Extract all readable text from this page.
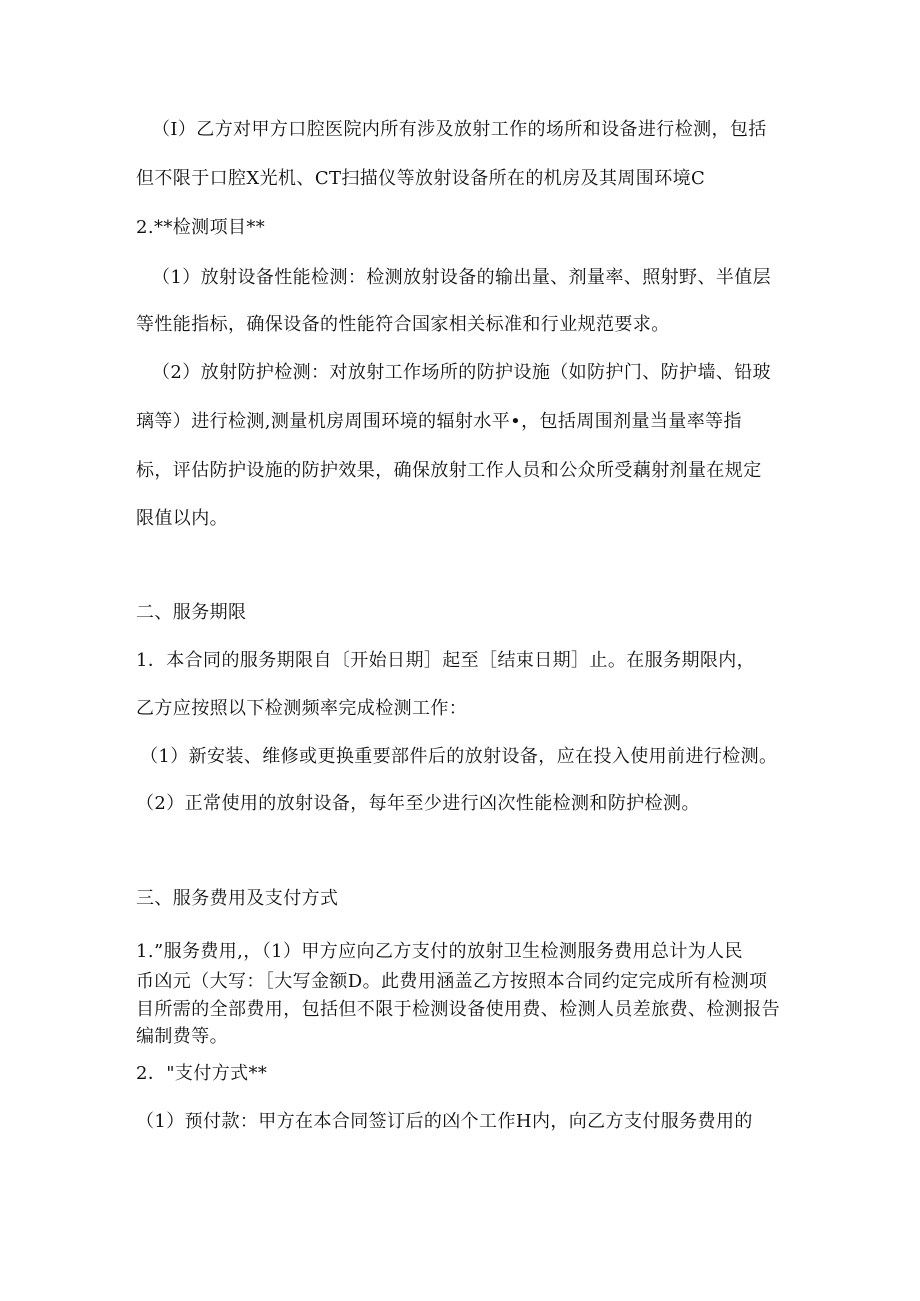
（I）乙方对甲方口腔医院内所有涉及放射工作的场所和设备进行检测，包括

但不限于口腔X光机、CT扫描仪等放射设备所在的机房及其周围环境C

2.**检测项目**

（1）放射设备性能检测：检测放射设备的输出量、剂量率、照射野、半值层

等性能指标，确保设备的性能符合国家相关标准和行业规范要求。

（2）放射防护检测：对放射工作场所的防护设施（如防护门、防护墙、铅玻

璃等）进行检测,测量机房周围环境的辐射水平•，包括周围剂量当量率等指

标，评估防护设施的防护效果，确保放射工作人员和公众所受藕射剂量在规定

限值以内。

二、服务期限

1．本合同的服务期限自〔开始日期］起至［结束日期］止。在服务期限内，

乙方应按照以下检测频率完成检测工作：

（1）新安装、维修或更换重要部件后的放射设备，应在投入使用前进行检测。

（2）正常使用的放射设备，每年至少进行凶次性能检测和防护检测。

三、服务费用及支付方式

1.”服务费用,，（1）甲方应向乙方支付的放射卫生检测服务费用总计为人民

币凶元（大写：［大写金额D。此费用涵盖乙方按照本合同约定完成所有检测项

目所需的全部费用，包括但不限于检测设备使用费、检测人员差旅费、检测报告

编制费等。

2．"支付方式**

（1）预付款：甲方在本合同签订后的凶个工作H内，向乙方支付服务费用的
